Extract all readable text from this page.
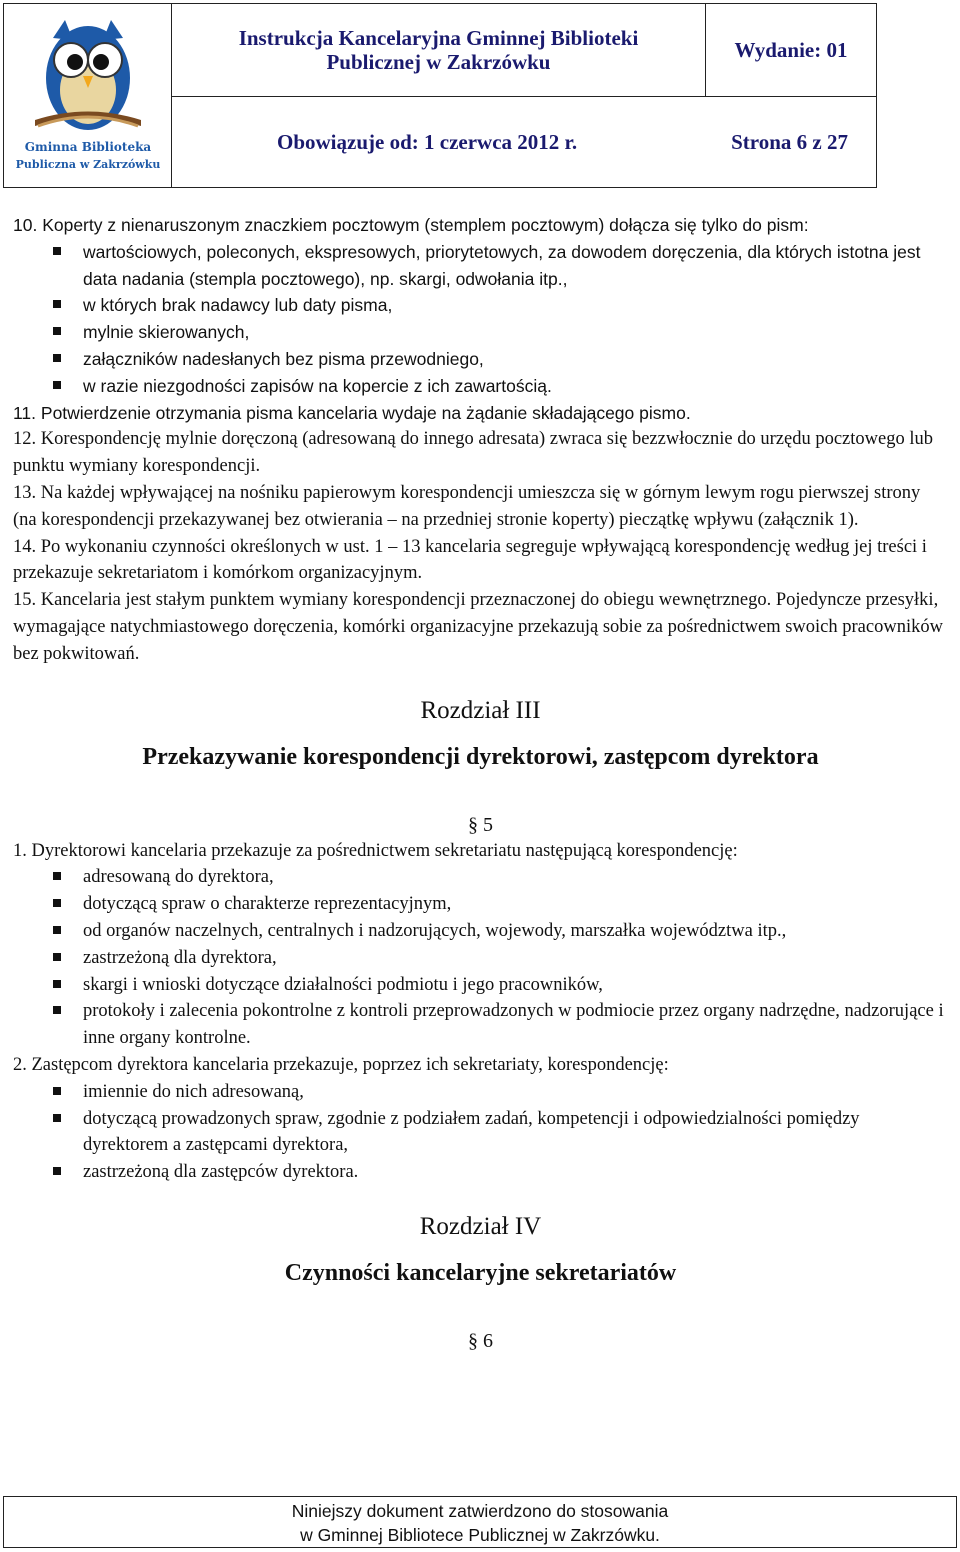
Gminna Biblioteka
Publiczna w Zakrzówku

Instrukcja Kancelaryjna Gminnej Biblioteki
Publicznej w Zakrzówku
	Wydanie: 01
Obowiązuje od: 1 czerwca 2012 r.	Strona 6 z 27

10. Koperty z nienaruszonym znaczkiem pocztowym (stemplem pocztowym) dołącza się tylko do pism:

wartościowych, poleconych, ekspresowych, priorytetowych, za dowodem doręczenia, dla których istotna jest data nadania (stempla pocztowego), np. skargi, odwołania itp.,
w których brak nadawcy lub daty pisma,
mylnie skierowanych,
załączników nadesłanych bez pisma przewodniego,
w razie niezgodności zapisów na kopercie z ich zawartością.

11. Potwierdzenie otrzymania pisma kancelaria wydaje na żądanie składającego pismo.

12. Korespondencję mylnie doręczoną (adresowaną do innego adresata) zwraca się bezzwłocznie do urzędu pocztowego lub punktu wymiany korespondencji.

13. Na każdej wpływającej na nośniku papierowym korespondencji umieszcza się w górnym lewym rogu pierwszej strony (na korespondencji przekazywanej bez otwierania – na przedniej stronie koperty) pieczątkę wpływu (załącznik 1).

14. Po wykonaniu czynności określonych w ust. 1 – 13 kancelaria segreguje wpływającą korespondencję według jej treści i przekazuje sekretariatom i komórkom organizacyjnym.

15. Kancelaria jest stałym punktem wymiany korespondencji przeznaczonej do obiegu wewnętrznego. Pojedyncze przesyłki, wymagające natychmiastowego doręczenia, komórki organizacyjne przekazują sobie za pośrednictwem swoich pracowników bez pokwitowań.

Rozdział III

Przekazywanie korespondencji dyrektorowi, zastępcom dyrektora

§ 5

1. Dyrektorowi kancelaria przekazuje za pośrednictwem sekretariatu następującą korespondencję:

adresowaną do dyrektora,
dotyczącą spraw o charakterze reprezentacyjnym,
od organów naczelnych, centralnych i nadzorujących, wojewody, marszałka województwa itp.,
zastrzeżoną dla dyrektora,
skargi i wnioski dotyczące działalności podmiotu i jego pracowników,
protokoły i zalecenia pokontrolne z kontroli przeprowadzonych w podmiocie przez organy nadrzędne, nadzorujące i inne organy kontrolne.

2. Zastępcom dyrektora kancelaria przekazuje, poprzez ich sekretariaty, korespondencję:

imiennie do nich adresowaną,
dotyczącą prowadzonych spraw, zgodnie z podziałem zadań, kompetencji i odpowiedzialności pomiędzy dyrektorem a zastępcami dyrektora,
zastrzeżoną dla zastępców dyrektora.

Rozdział IV

Czynności kancelaryjne sekretariatów

§ 6

Niniejszy dokument zatwierdzono do stosowania
w Gminnej Bibliotece Publicznej w Zakrzówku.
